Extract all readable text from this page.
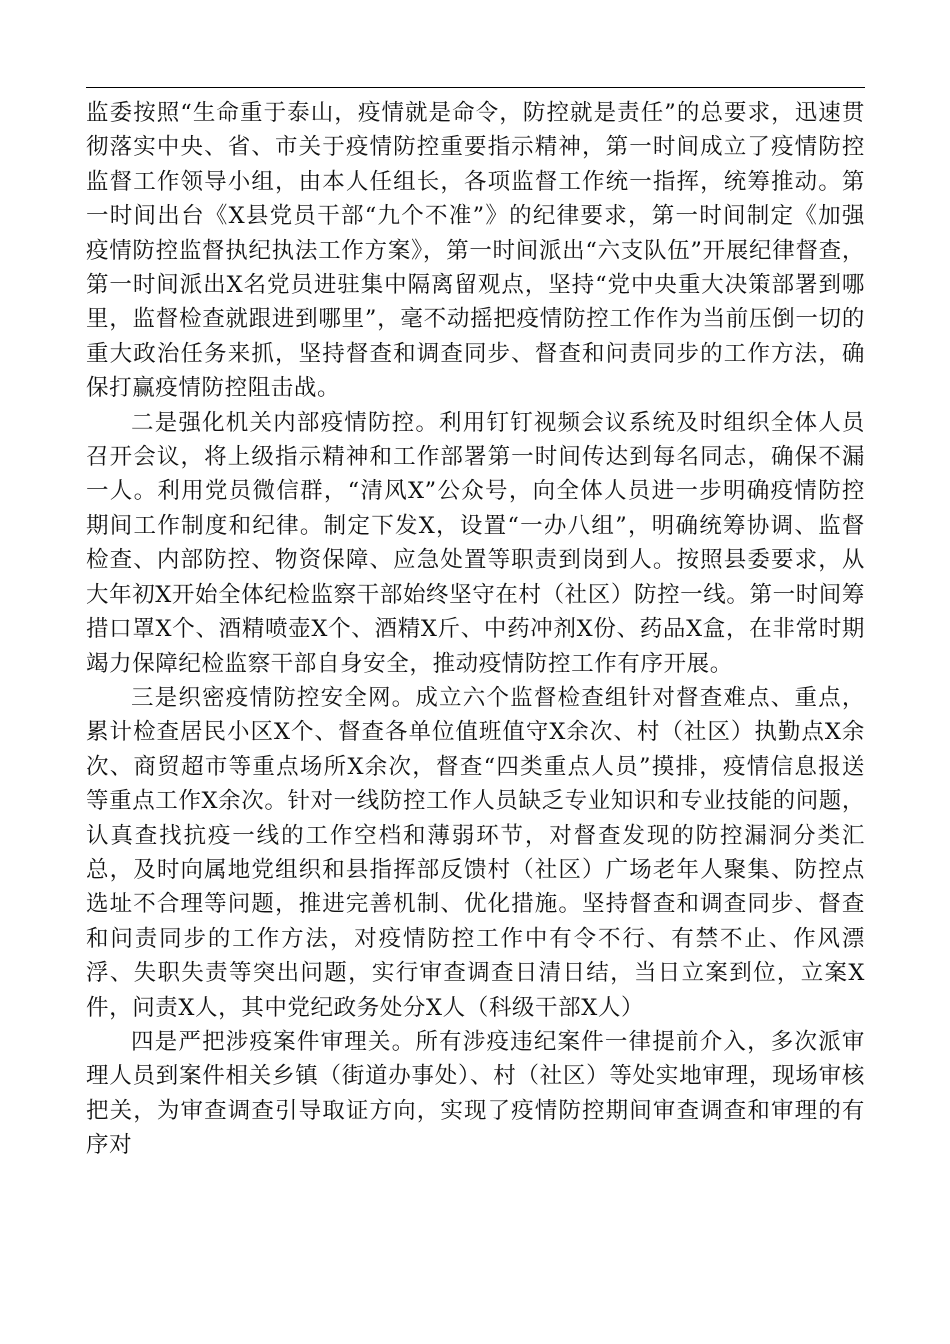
监委按照“生命重于泰山，疫情就是命令，防控就是责任”的总要求，迅速贯彻落实中央、省、市关于疫情防控重要指示精神，第一时间成立了疫情防控监督工作领导小组，由本人任组长，各项监督工作统一指挥，统筹推动。第一时间出台《X县党员干部“九个不准”》的纪律要求，第一时间制定《加强疫情防控监督执纪执法工作方案》，第一时间派出“六支队伍”开展纪律督查，第一时间派出X名党员进驻集中隔离留观点，坚持“党中央重大决策部署到哪里，监督检查就跟进到哪里”，毫不动摇把疫情防控工作作为当前压倒一切的重大政治任务来抓，坚持督查和调查同步、督查和问责同步的工作方法，确保打赢疫情防控阻击战。

二是强化机关内部疫情防控。利用钉钉视频会议系统及时组织全体人员召开会议，将上级指示精神和工作部署第一时间传达到每名同志，确保不漏一人。利用党员微信群，“清风X”公众号，向全体人员进一步明确疫情防控期间工作制度和纪律。制定下发X，设置“一办八组”，明确统筹协调、监督检查、内部防控、物资保障、应急处置等职责到岗到人。按照县委要求，从大年初X开始全体纪检监察干部始终坚守在村（社区）防控一线。第一时间筹措口罩X个、酒精喷壶X个、酒精X斤、中药冲剂X份、药品X盒，在非常时期竭力保障纪检监察干部自身安全，推动疫情防控工作有序开展。

三是织密疫情防控安全网。成立六个监督检查组针对督查难点、重点，累计检查居民小区X个、督查各单位值班值守X余次、村（社区）执勤点X余次、商贸超市等重点场所X余次，督查“四类重点人员”摸排，疫情信息报送等重点工作X余次。针对一线防控工作人员缺乏专业知识和专业技能的问题，认真查找抗疫一线的工作空档和薄弱环节，对督查发现的防控漏洞分类汇总，及时向属地党组织和县指挥部反馈村（社区）广场老年人聚集、防控点选址不合理等问题，推进完善机制、优化措施。坚持督查和调查同步、督查和问责同步的工作方法，对疫情防控工作中有令不行、有禁不止、作风漂浮、失职失责等突出问题，实行审查调查日清日结，当日立案到位，立案X件，问责X人，其中党纪政务处分X人（科级干部X人）

四是严把涉疫案件审理关。所有涉疫违纪案件一律提前介入，多次派审理人员到案件相关乡镇（街道办事处）、村（社区）等处实地审理，现场审核把关，为审查调查引导取证方向，实现了疫情防控期间审查调查和审理的有序对
